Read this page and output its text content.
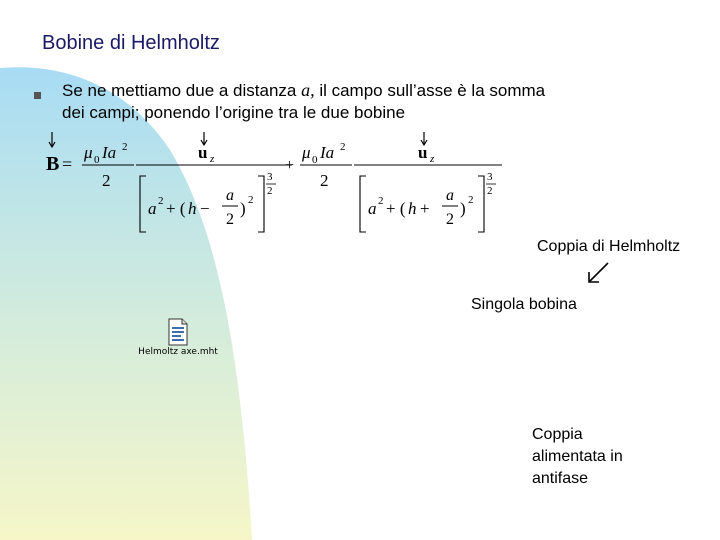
Bobine di Helmholtz
Se ne mettiamo due a distanza a, il campo sull’asse è la somma
dei campi; ponendo l’origine tra le due bobine
B =
μ 0 Ia 2
2
u z
a 2 + ( h −
a
2
) 2
3
2
+
μ 0 Ia 2
2
u z
a 2 + ( h +
a
2
) 2
3
2
Coppia di Helmholtz
Singola bobina
Helmoltz axe.mht
Coppia
alimentata in
antifase
